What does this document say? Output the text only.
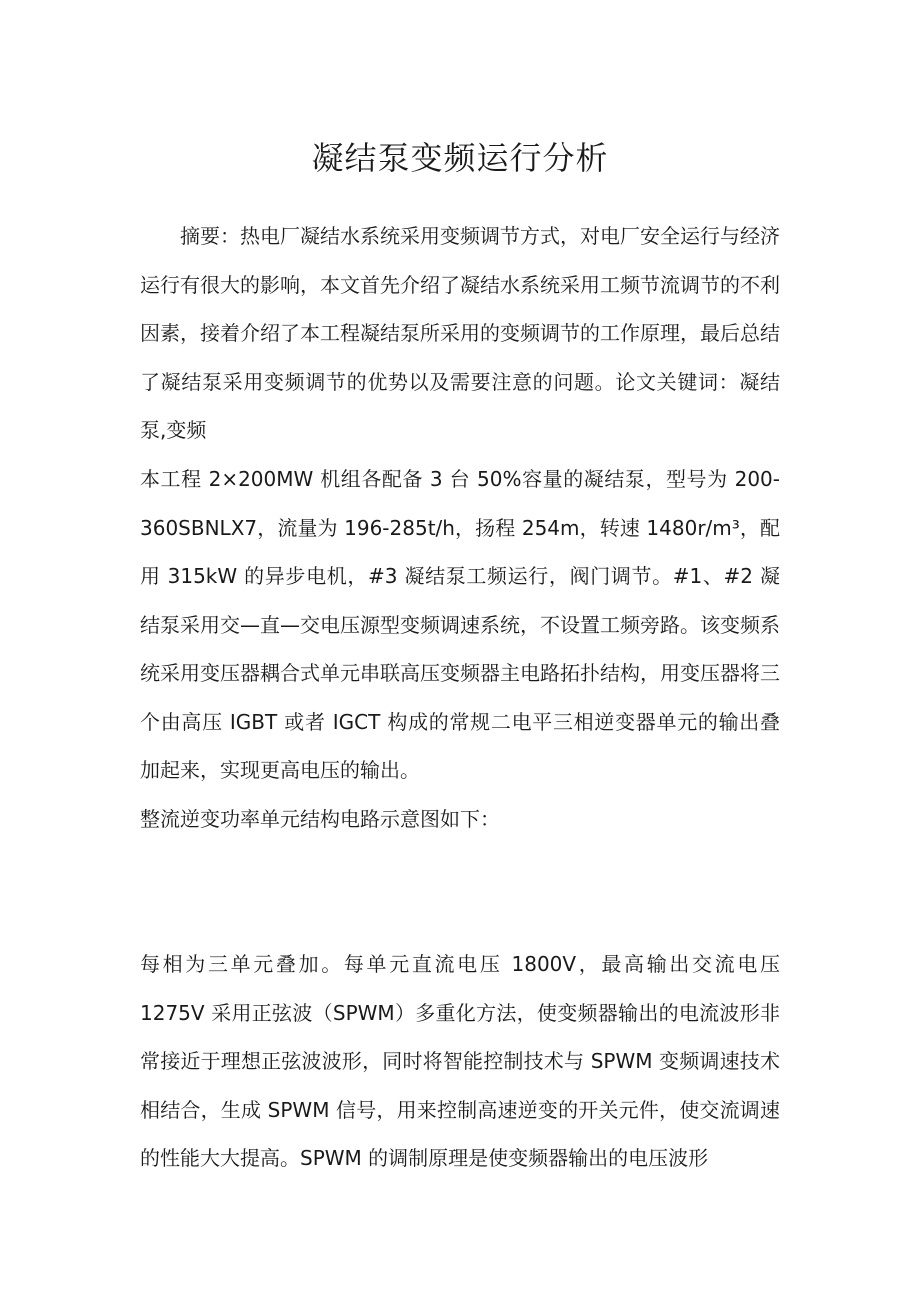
凝结泵变频运行分析

摘要：热电厂凝结水系统采用变频调节方式，对电厂安全运行与经济运行有很大的影响，本文首先介绍了凝结水系统采用工频节流调节的不利因素，接着介绍了本工程凝结泵所采用的变频调节的工作原理，最后总结了凝结泵采用变频调节的优势以及需要注意的问题。论文关键词：凝结泵,变频

本工程 2×200MW 机组各配备 3 台 50%容量的凝结泵，型号为 200-360SBNLX7，流量为 196-285t/h，扬程 254m，转速 1480r/m³，配用 315kW 的异步电机，#3 凝结泵工频运行，阀门调节。#1、#2 凝结泵采用交—直—交电压源型变频调速系统，不设置工频旁路。该变频系统采用变压器耦合式单元串联高压变频器主电路拓扑结构，用变压器将三个由高压 IGBT 或者 IGCT 构成的常规二电平三相逆变器单元的输出叠加起来，实现更高电压的输出。

整流逆变功率单元结构电路示意图如下：

每相为三单元叠加。每单元直流电压 1800V，最高输出交流电压 1275V 采用正弦波（SPWM）多重化方法，使变频器输出的电流波形非常接近于理想正弦波波形，同时将智能控制技术与 SPWM 变频调速技术相结合，生成 SPWM 信号，用来控制高速逆变的开关元件，使交流调速的性能大大提高。SPWM 的调制原理是使变频器输出的电压波形
